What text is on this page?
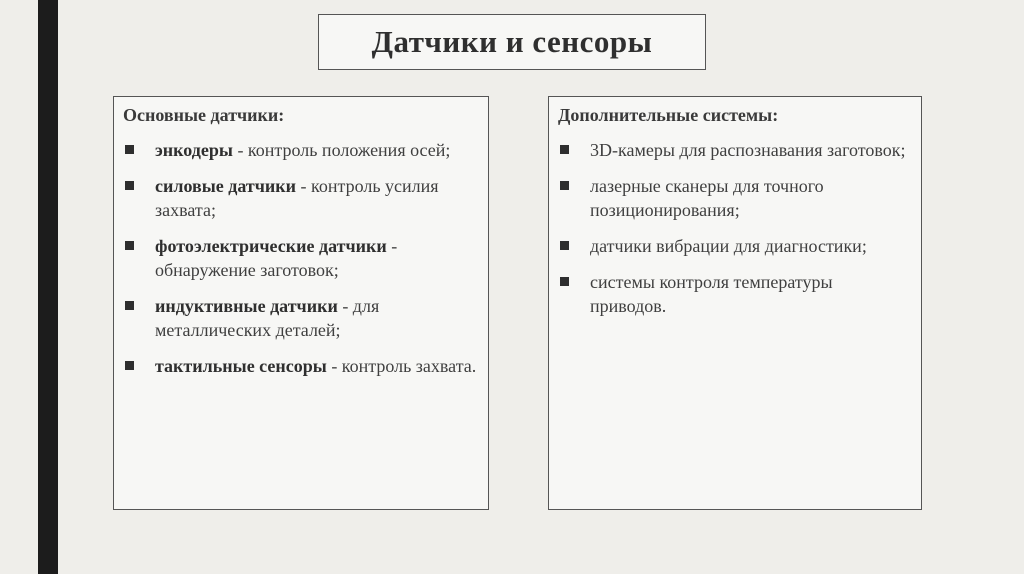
Датчики и сенсоры
Основные датчики:
энкодеры - контроль положения осей;
силовые датчики - контроль усилия захвата;
фотоэлектрические датчики - обнаружение заготовок;
индуктивные датчики - для металлических деталей;
тактильные сенсоры - контроль захвата.
Дополнительные системы:
3D-камеры для распознавания заготовок;
лазерные сканеры для точного позиционирования;
датчики вибрации для диагностики;
системы контроля температуры приводов.
